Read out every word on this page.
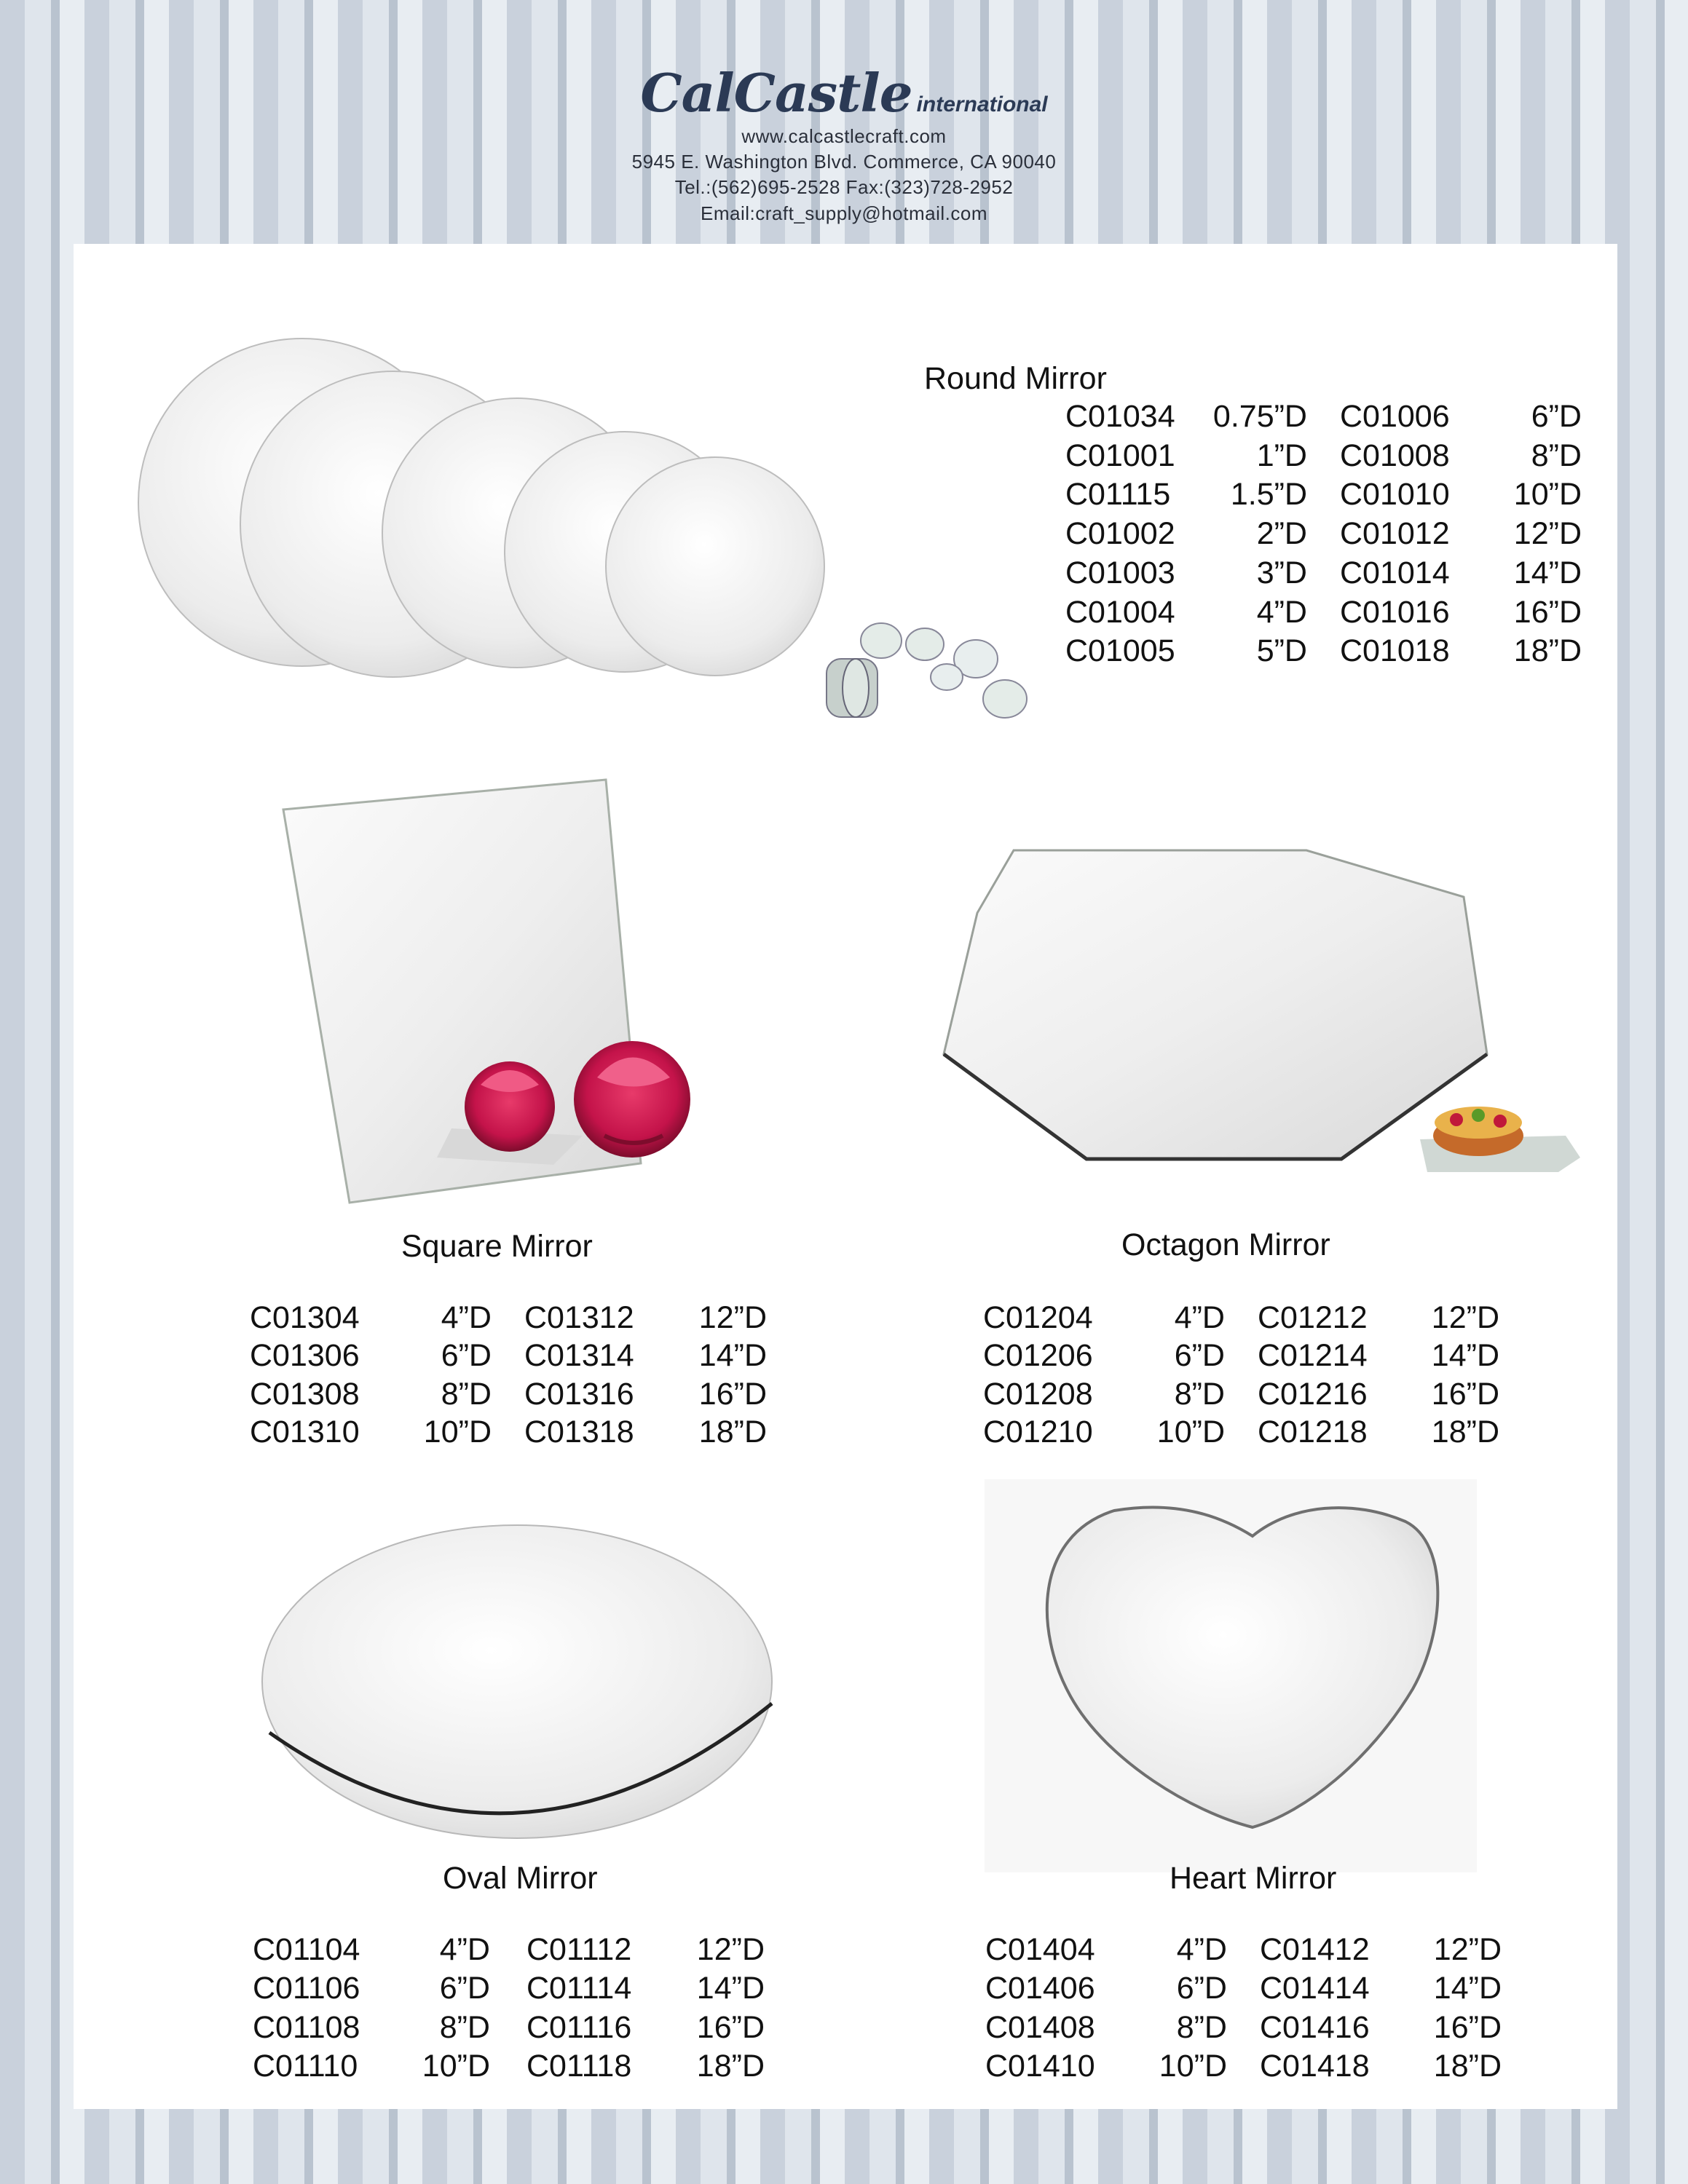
CalCastle international
www.calcastlecraft.com
5945 E. Washington Blvd. Commerce, CA 90040
Tel.:(562)695-2528 Fax:(323)728-2952
Email:craft_supply@hotmail.com
Round Mirror
C01034 0.75”D C01006	6”D
C01001	1”D C01008	8”D
C01115 1.5”D C01010 10”D
C01002	2”D C01012 12”D
C01003	3”D C01014 14”D
C01004	4”D C01016 16”D
C01005	5”D C01018 18”D
Square Mirror
C01304	4”D C01312 12”D
C01306	6”D C01314 14”D
C01308	8”D C01316 16”D
C01310 10”D C01318 18”D
Octagon Mirror
C01204	4”D C01212 12”D
C01206	6”D C01214 14”D
C01208	8”D C01216 16”D
C01210 10”D C01218 18”D
Oval Mirror
C01104	4”D C01112 12”D
C01106	6”D C01114 14”D
C01108	8”D C01116 16”D
C01110 10”D C01118 18”D
Heart Mirror
C01404	4”D C01412 12”D
C01406	6”D C01414 14”D
C01408	8”D C01416 16”D
C01410 10”D C01418 18”D
